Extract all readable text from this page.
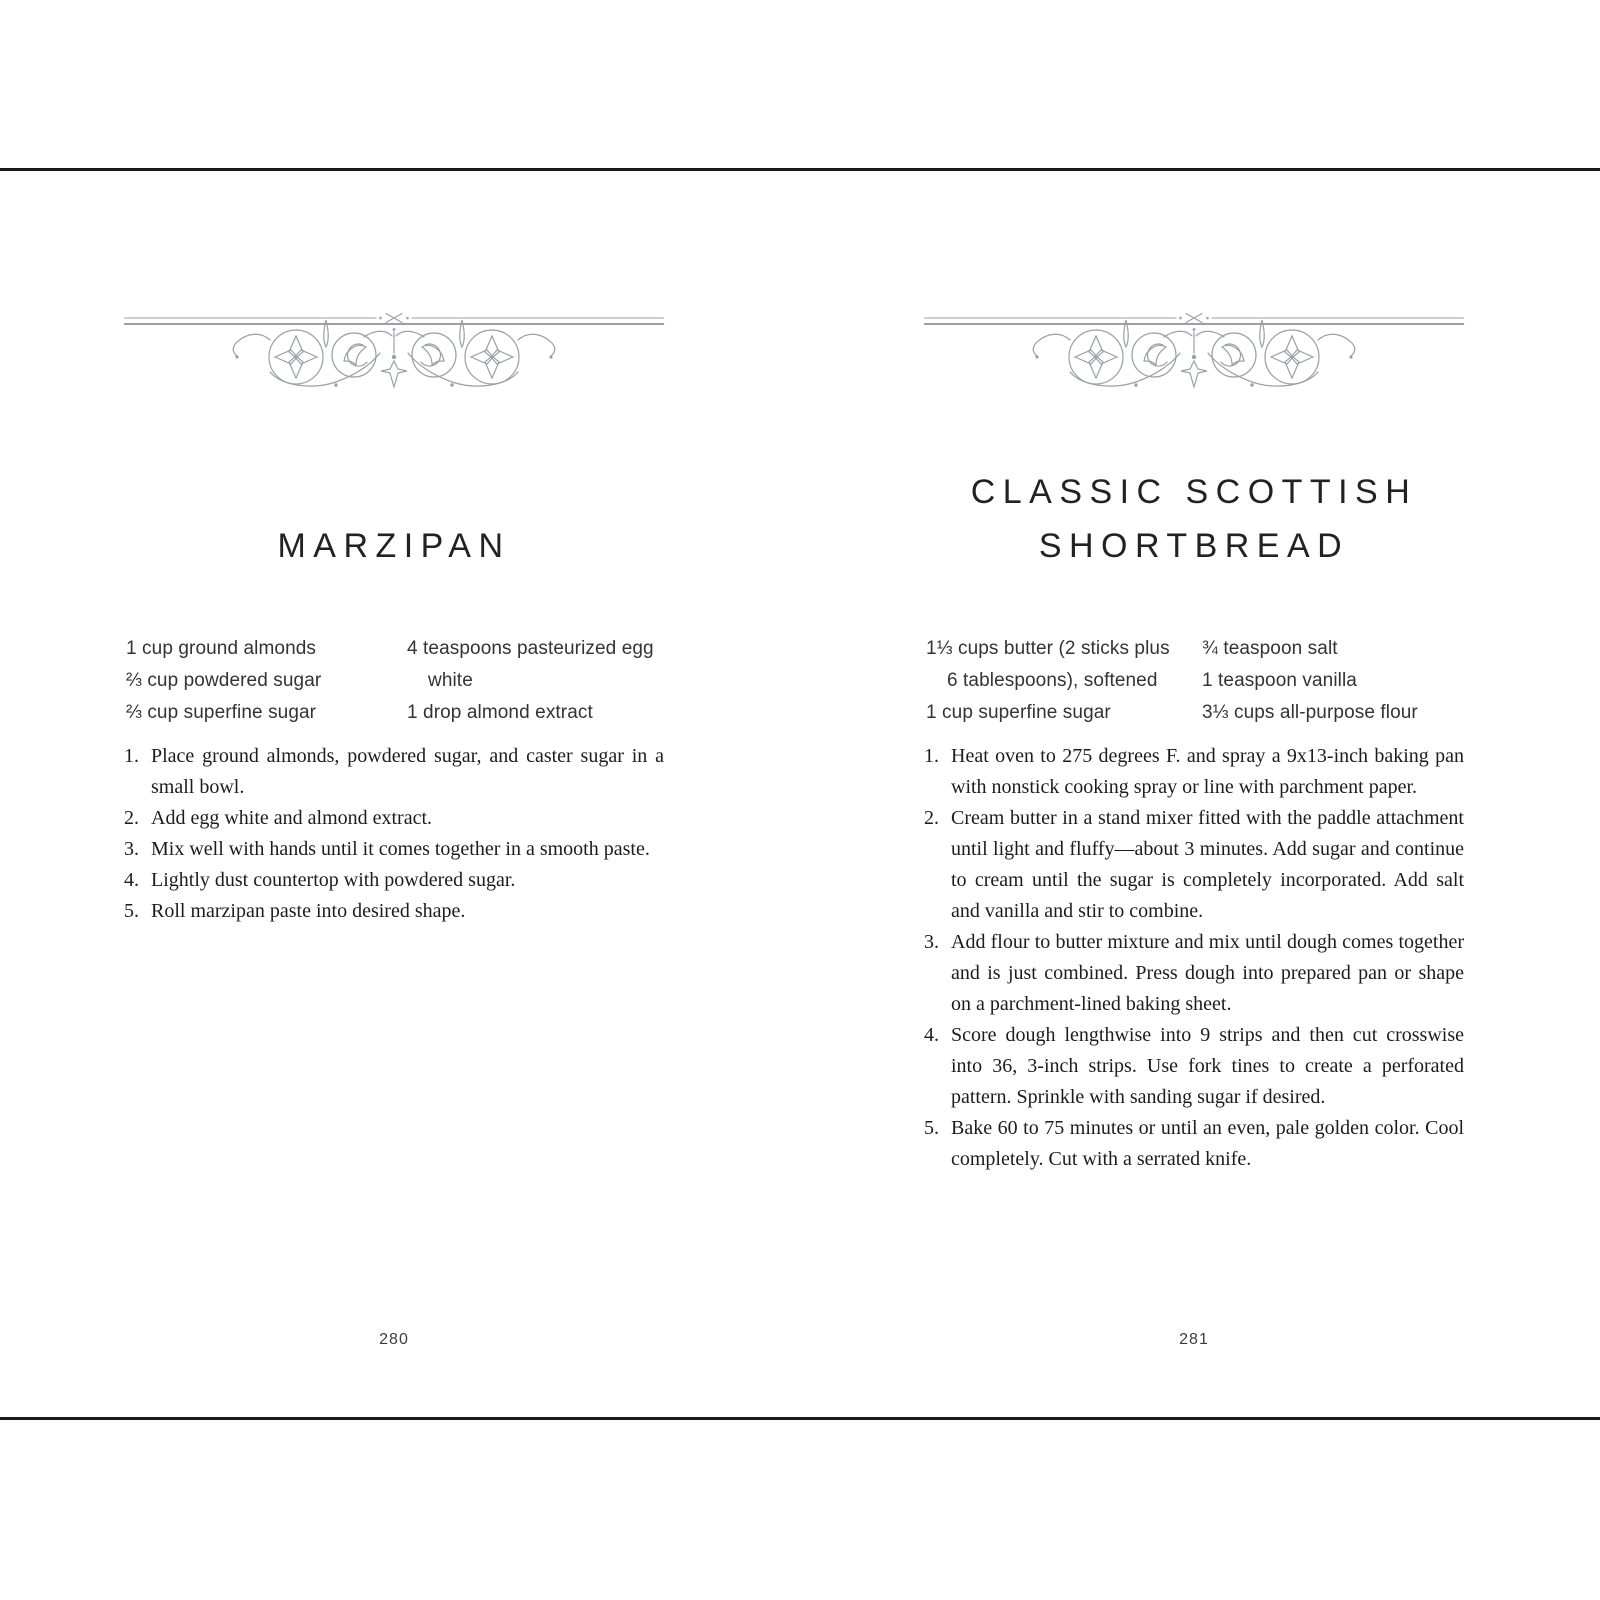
MARZIPAN
1 cup ground almonds
⅔ cup powdered sugar
⅔ cup superfine sugar
4 teaspoons pasteurized egg
white
1 drop almond extract
1. Place ground almonds, powdered sugar, and caster sugar in a small bowl.
2. Add egg white and almond extract.
3. Mix well with hands until it comes together in a smooth paste.
4. Lightly dust countertop with powdered sugar.
5. Roll marzipan paste into desired shape.
280
CLASSIC SCOTTISH
SHORTBREAD
1⅓ cups butter (2 sticks plus
6 tablespoons), softened
1 cup superfine sugar
¾ teaspoon salt
1 teaspoon vanilla
3⅓ cups all-purpose flour
1. Heat oven to 275 degrees F. and spray a 9x13-inch baking pan with nonstick cooking spray or line with parchment paper.
2. Cream butter in a stand mixer fitted with the paddle attachment until light and fluffy—about 3 minutes. Add sugar and continue to cream until the sugar is completely incorporated. Add salt and vanilla and stir to combine.
3. Add flour to butter mixture and mix until dough comes together and is just combined. Press dough into prepared pan or shape on a parchment-lined baking sheet.
4. Score dough lengthwise into 9 strips and then cut crosswise into 36, 3-inch strips. Use fork tines to create a perforated pattern. Sprinkle with sanding sugar if desired.
5. Bake 60 to 75 minutes or until an even, pale golden color. Cool completely. Cut with a serrated knife.
281
